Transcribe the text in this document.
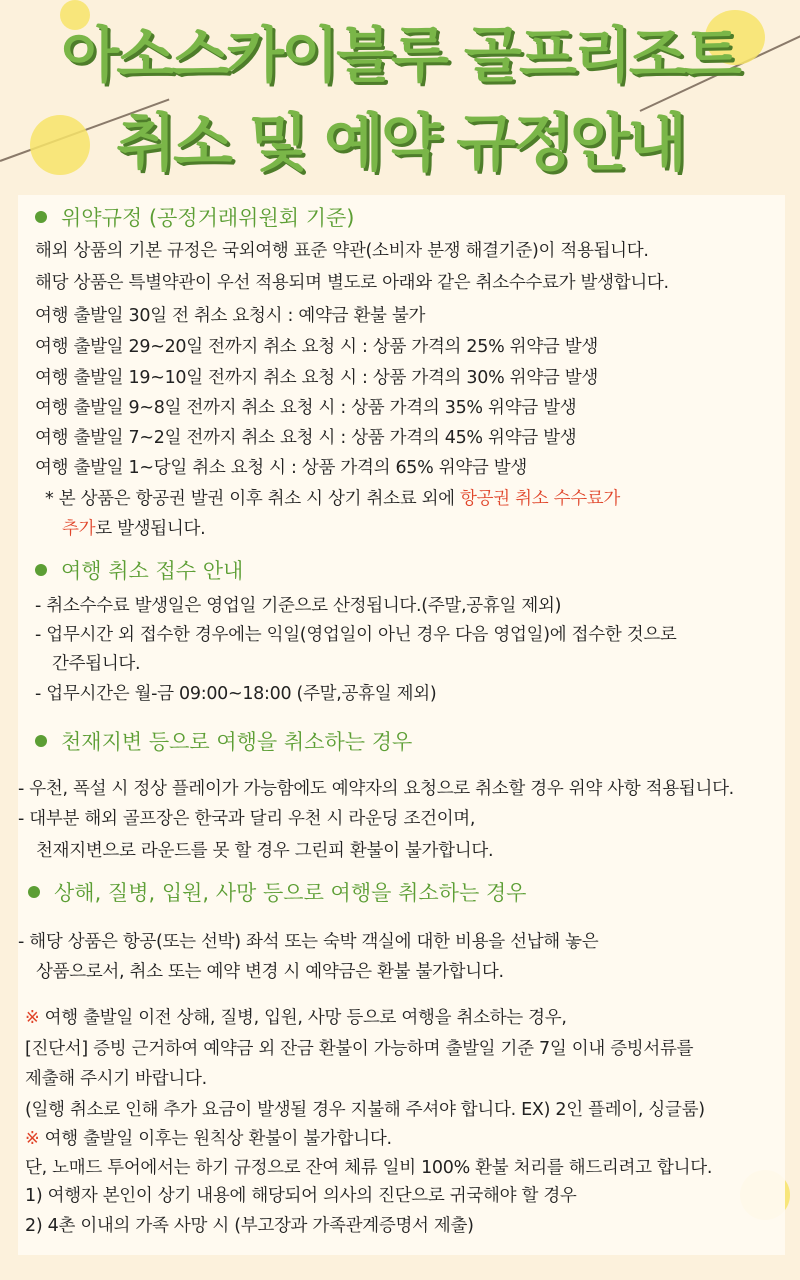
아소스카이블루 골프리조트
취소 및 예약 규정안내
위약규정 (공정거래위원회 기준)
해외 상품의 기본 규정은 국외여행 표준 약관(소비자 분쟁 해결기준)이 적용됩니다.
해당 상품은 특별약관이 우선 적용되며 별도로 아래와 같은 취소수수료가 발생합니다.
여행 출발일 30일 전 취소 요청시 : 예약금 환불 불가
여행 출발일 29~20일 전까지 취소 요청 시 : 상품 가격의 25% 위약금 발생
여행 출발일 19~10일 전까지 취소 요청 시 : 상품 가격의 30% 위약금 발생
여행 출발일 9~8일 전까지 취소 요청 시 : 상품 가격의 35% 위약금 발생
여행 출발일 7~2일 전까지 취소 요청 시 : 상품 가격의 45% 위약금 발생
여행 출발일 1~당일 취소 요청 시 : 상품 가격의 65% 위약금 발생
* 본 상품은 항공권 발권 이후 취소 시 상기 취소료 외에 항공권 취소 수수료가
추가로 발생됩니다.
여행 취소 접수 안내
- 취소수수료 발생일은 영업일 기준으로 산정됩니다.(주말,공휴일 제외)
- 업무시간 외 접수한 경우에는 익일(영업일이 아닌 경우 다음 영업일)에 접수한 것으로
간주됩니다.
- 업무시간은 월-금 09:00~18:00 (주말,공휴일 제외)
천재지변 등으로 여행을 취소하는 경우
- 우천, 폭설 시 정상 플레이가 가능함에도 예약자의 요청으로 취소할 경우 위약 사항 적용됩니다.
- 대부분 해외 골프장은 한국과 달리 우천 시 라운딩 조건이며,
천재지변으로 라운드를 못 할 경우 그린피 환불이 불가합니다.
상해, 질병, 입원, 사망 등으로 여행을 취소하는 경우
- 해당 상품은 항공(또는 선박) 좌석 또는 숙박 객실에 대한 비용을 선납해 놓은
상품으로서, 취소 또는 예약 변경 시 예약금은 환불 불가합니다.
※ 여행 출발일 이전 상해, 질병, 입원, 사망 등으로 여행을 취소하는 경우,
[진단서] 증빙 근거하여 예약금 외 잔금 환불이 가능하며 출발일 기준 7일 이내 증빙서류를
제출해 주시기 바랍니다.
(일행 취소로 인해 추가 요금이 발생될 경우 지불해 주셔야 합니다. EX) 2인 플레이, 싱글룸)
※ 여행 출발일 이후는 원칙상 환불이 불가합니다.
단, 노매드 투어에서는 하기 규정으로 잔여 체류 일비 100% 환불 처리를 해드리려고 합니다.
1) 여행자 본인이 상기 내용에 해당되어 의사의 진단으로 귀국해야 할 경우
2) 4촌 이내의 가족 사망 시 (부고장과 가족관계증명서 제출)
